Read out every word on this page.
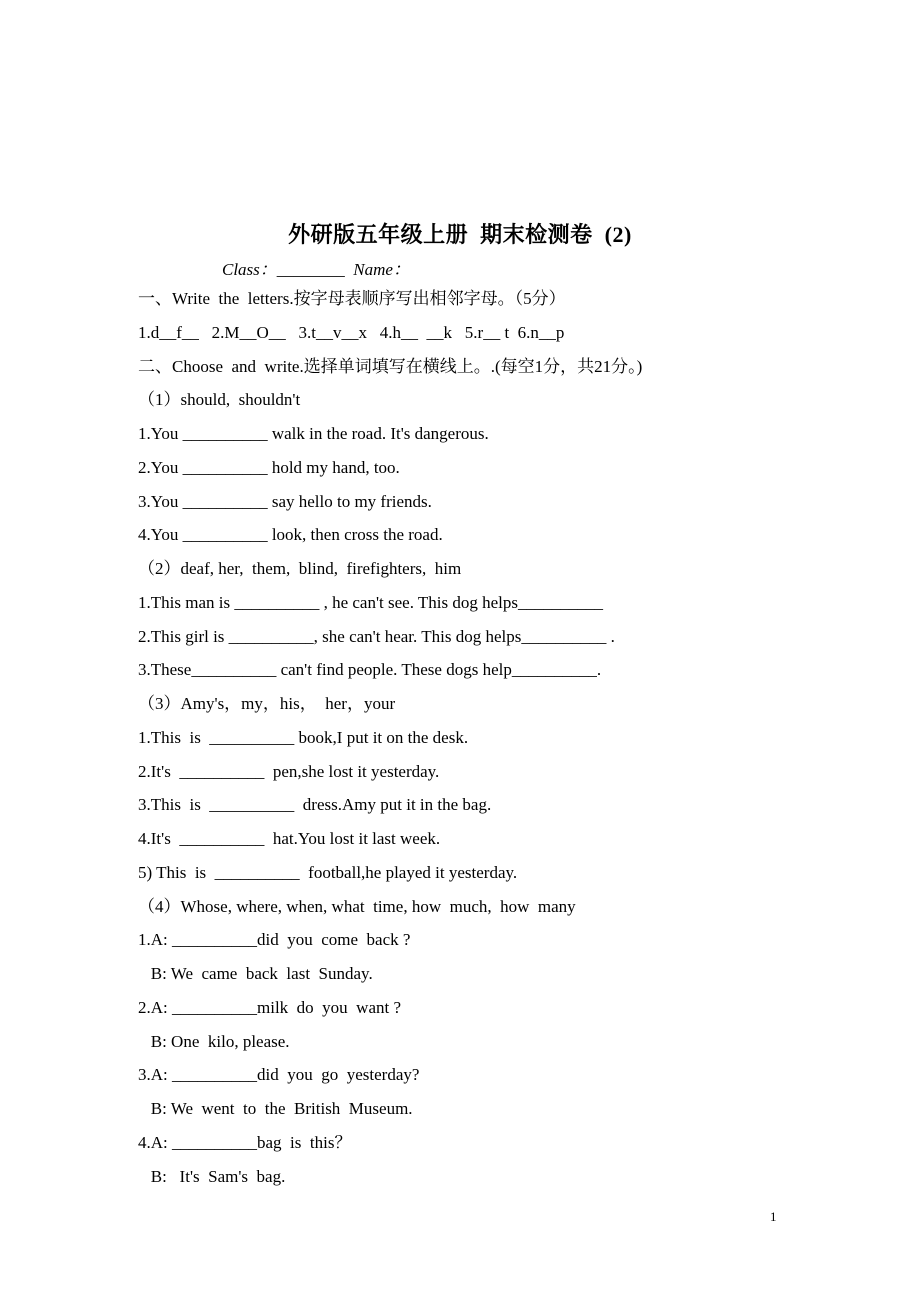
外研版五年级上册  期末检测卷  (2)
Class：________  Name：
一、Write  the  letters.按字母表顺序写出相邻字母。（5分）
1.d__f__   2.M__O__   3.t__v__x   4.h__  __k   5.r__ t  6.n__p
二、Choose  and  write.选择单词填写在横线上。.(每空1分，共21分。)
（1）should,  shouldn't
1.You __________ walk in the road. It's dangerous.
2.You __________ hold my hand, too.
3.You __________ say hello to my friends.
4.You __________ look, then cross the road.
（2）deaf, her,  them,  blind,  firefighters,  him
1.This man is __________ , he can't see. This dog helps__________
2.This girl is __________, she can't hear. This dog helps__________ .
3.These__________ can't find people. These dogs help__________.
（3）Amy's，my，his，  her，your
1.This  is  __________ book,I put it on the desk.
2.It's  __________  pen,she lost it yesterday.
3.This  is  __________  dress.Amy put it in the bag.
4.It's  __________  hat.You lost it last week.
5) This  is  __________  football,he played it yesterday.
（4）Whose, where, when, what  time, how  much,  how  many
1.A: __________did  you  come  back ?
B: We  came  back  last  Sunday.
2.A: __________milk  do  you  want ?
B: One  kilo, please.
3.A: __________did  you  go  yesterday?
B: We  went  to  the  British  Museum.
4.A: __________bag  is  this？
B:   It's  Sam's  bag.
1
